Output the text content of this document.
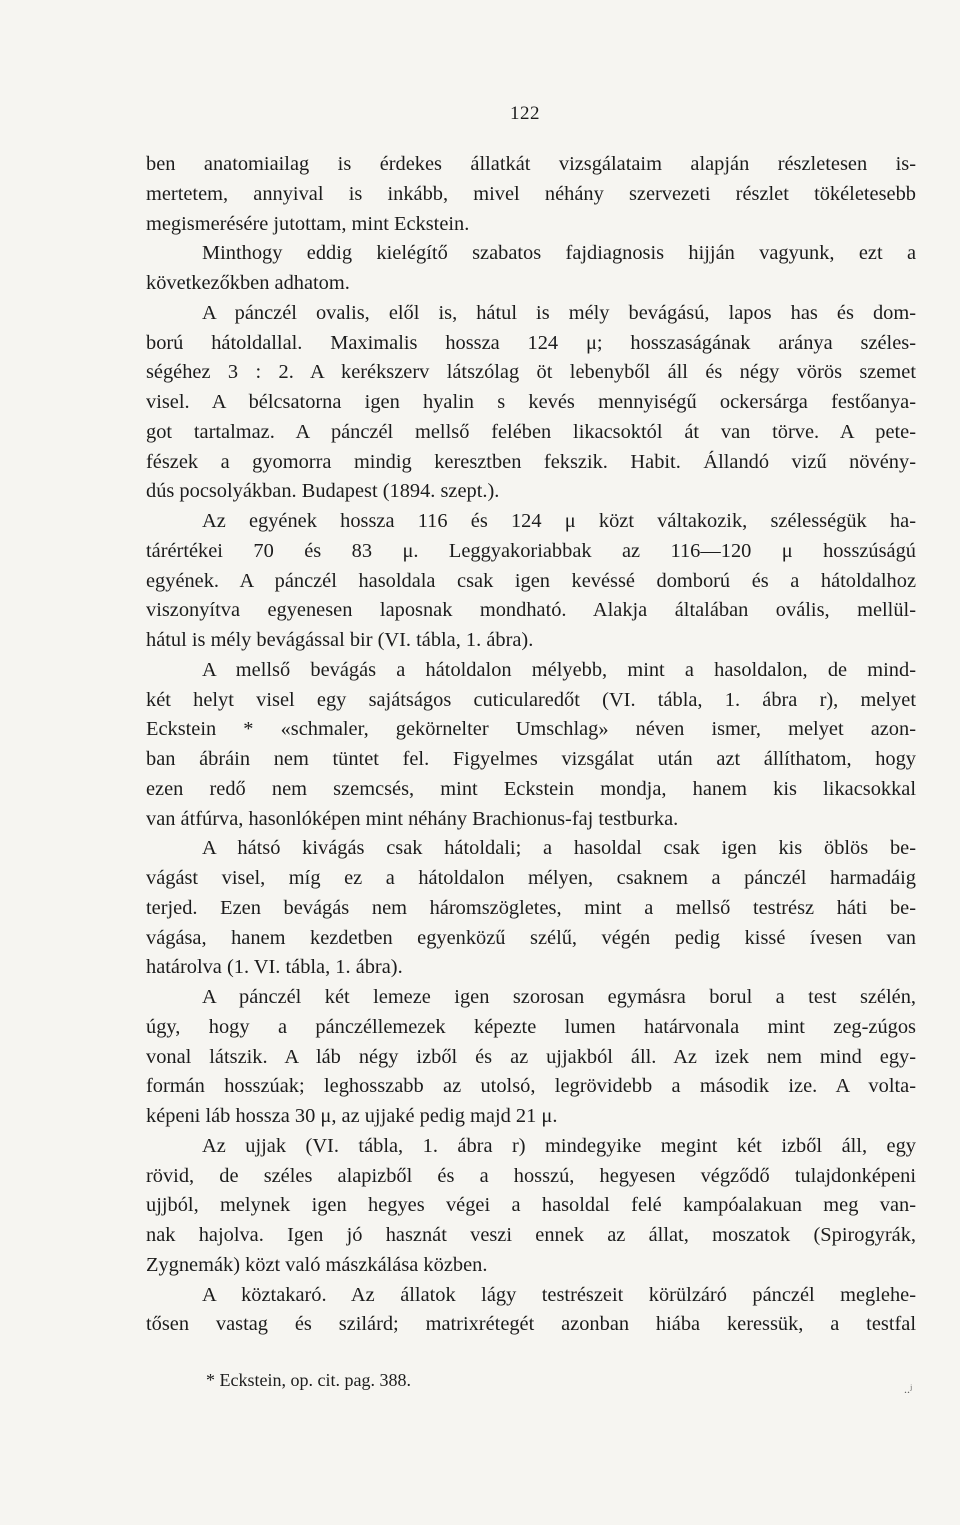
122
ben anatomiailag is érdekes állatkát vizsgálataim alapján részletesen is-
mertetem, annyival is inkább, mivel néhány szervezeti részlet tökéletesebb
megismerésére jutottam, mint Eckstein.
Minthogy eddig kielégítő szabatos fajdiagnosis hijján vagyunk, ezt a
következőkben adhatom.
A pánczél ovalis, elől is, hátul is mély bevágású, lapos has és dom-
ború hátoldallal. Maximalis hossza 124 μ; hosszaságának aránya széles-
ségéhez 3 : 2. A kerékszerv látszólag öt lebenyből áll és négy vörös szemet
visel. A bélcsatorna igen hyalin s kevés mennyiségű ockersárga festőanya-
got tartalmaz. A pánczél mellső felében likacsoktól át van törve. A pete-
fészek a gyomorra mindig keresztben fekszik. Habit. Állandó vizű növény-
dús pocsolyákban. Budapest (1894. szept.).
Az egyének hossza 116 és 124 μ közt váltakozik, szélességük ha-
tárértékei 70 és 83 μ. Leggyakoriabbak az 116—120 μ hosszúságú
egyének. A pánczél hasoldala csak igen kevéssé domború és a hátoldalhoz
viszonyítva egyenesen laposnak mondható. Alakja általában ovális, mellül-
hátul is mély bevágással bir (VI. tábla, 1. ábra).
A mellső bevágás a hátoldalon mélyebb, mint a hasoldalon, de mind-
két helyt visel egy sajátságos cuticularedőt (VI. tábla, 1. ábra r), melyet
Eckstein * «schmaler, gekörnelter Umschlag» néven ismer, melyet azon-
ban ábráin nem tüntet fel. Figyelmes vizsgálat után azt állíthatom, hogy
ezen redő nem szemcsés, mint Eckstein mondja, hanem kis likacsokkal
van átfúrva, hasonlóképen mint néhány Brachionus-faj testburka.
A hátsó kivágás csak hátoldali; a hasoldal csak igen kis öblös be-
vágást visel, míg ez a hátoldalon mélyen, csaknem a pánczél harmadáig
terjed. Ezen bevágás nem háromszögletes, mint a mellső testrész háti be-
vágása, hanem kezdetben egyenközű szélű, végén pedig kissé ívesen van
határolva (1. VI. tábla, 1. ábra).
A pánczél két lemeze igen szorosan egymásra borul a test szélén,
úgy, hogy a pánczéllemezek képezte lumen határvonala mint zeg-zúgos
vonal látszik. A láb négy izből és az ujjakból áll. Az izek nem mind egy-
formán hosszúak; leghosszabb az utolsó, legrövidebb a második ize. A volta-
képeni láb hossza 30 μ, az ujjaké pedig majd 21 μ.
Az ujjak (VI. tábla, 1. ábra r) mindegyike megint két izből áll, egy
rövid, de széles alapizből és a hosszú, hegyesen végződő tulajdonképeni
ujjból, melynek igen hegyes végei a hasoldal felé kampóalakuan meg van-
nak hajolva. Igen jó hasznát veszi ennek az állat, moszatok (Spirogyrák,
Zygnemák) közt való mászkálása közben.
A köztakaró. Az állatok lágy testrészeit körülzáró pánczél meglehe-
tősen vastag és szilárd; matrixrétegét azonban hiába keressük, a testfal
* Eckstein, op. cit. pag. 388.	..ʲ
